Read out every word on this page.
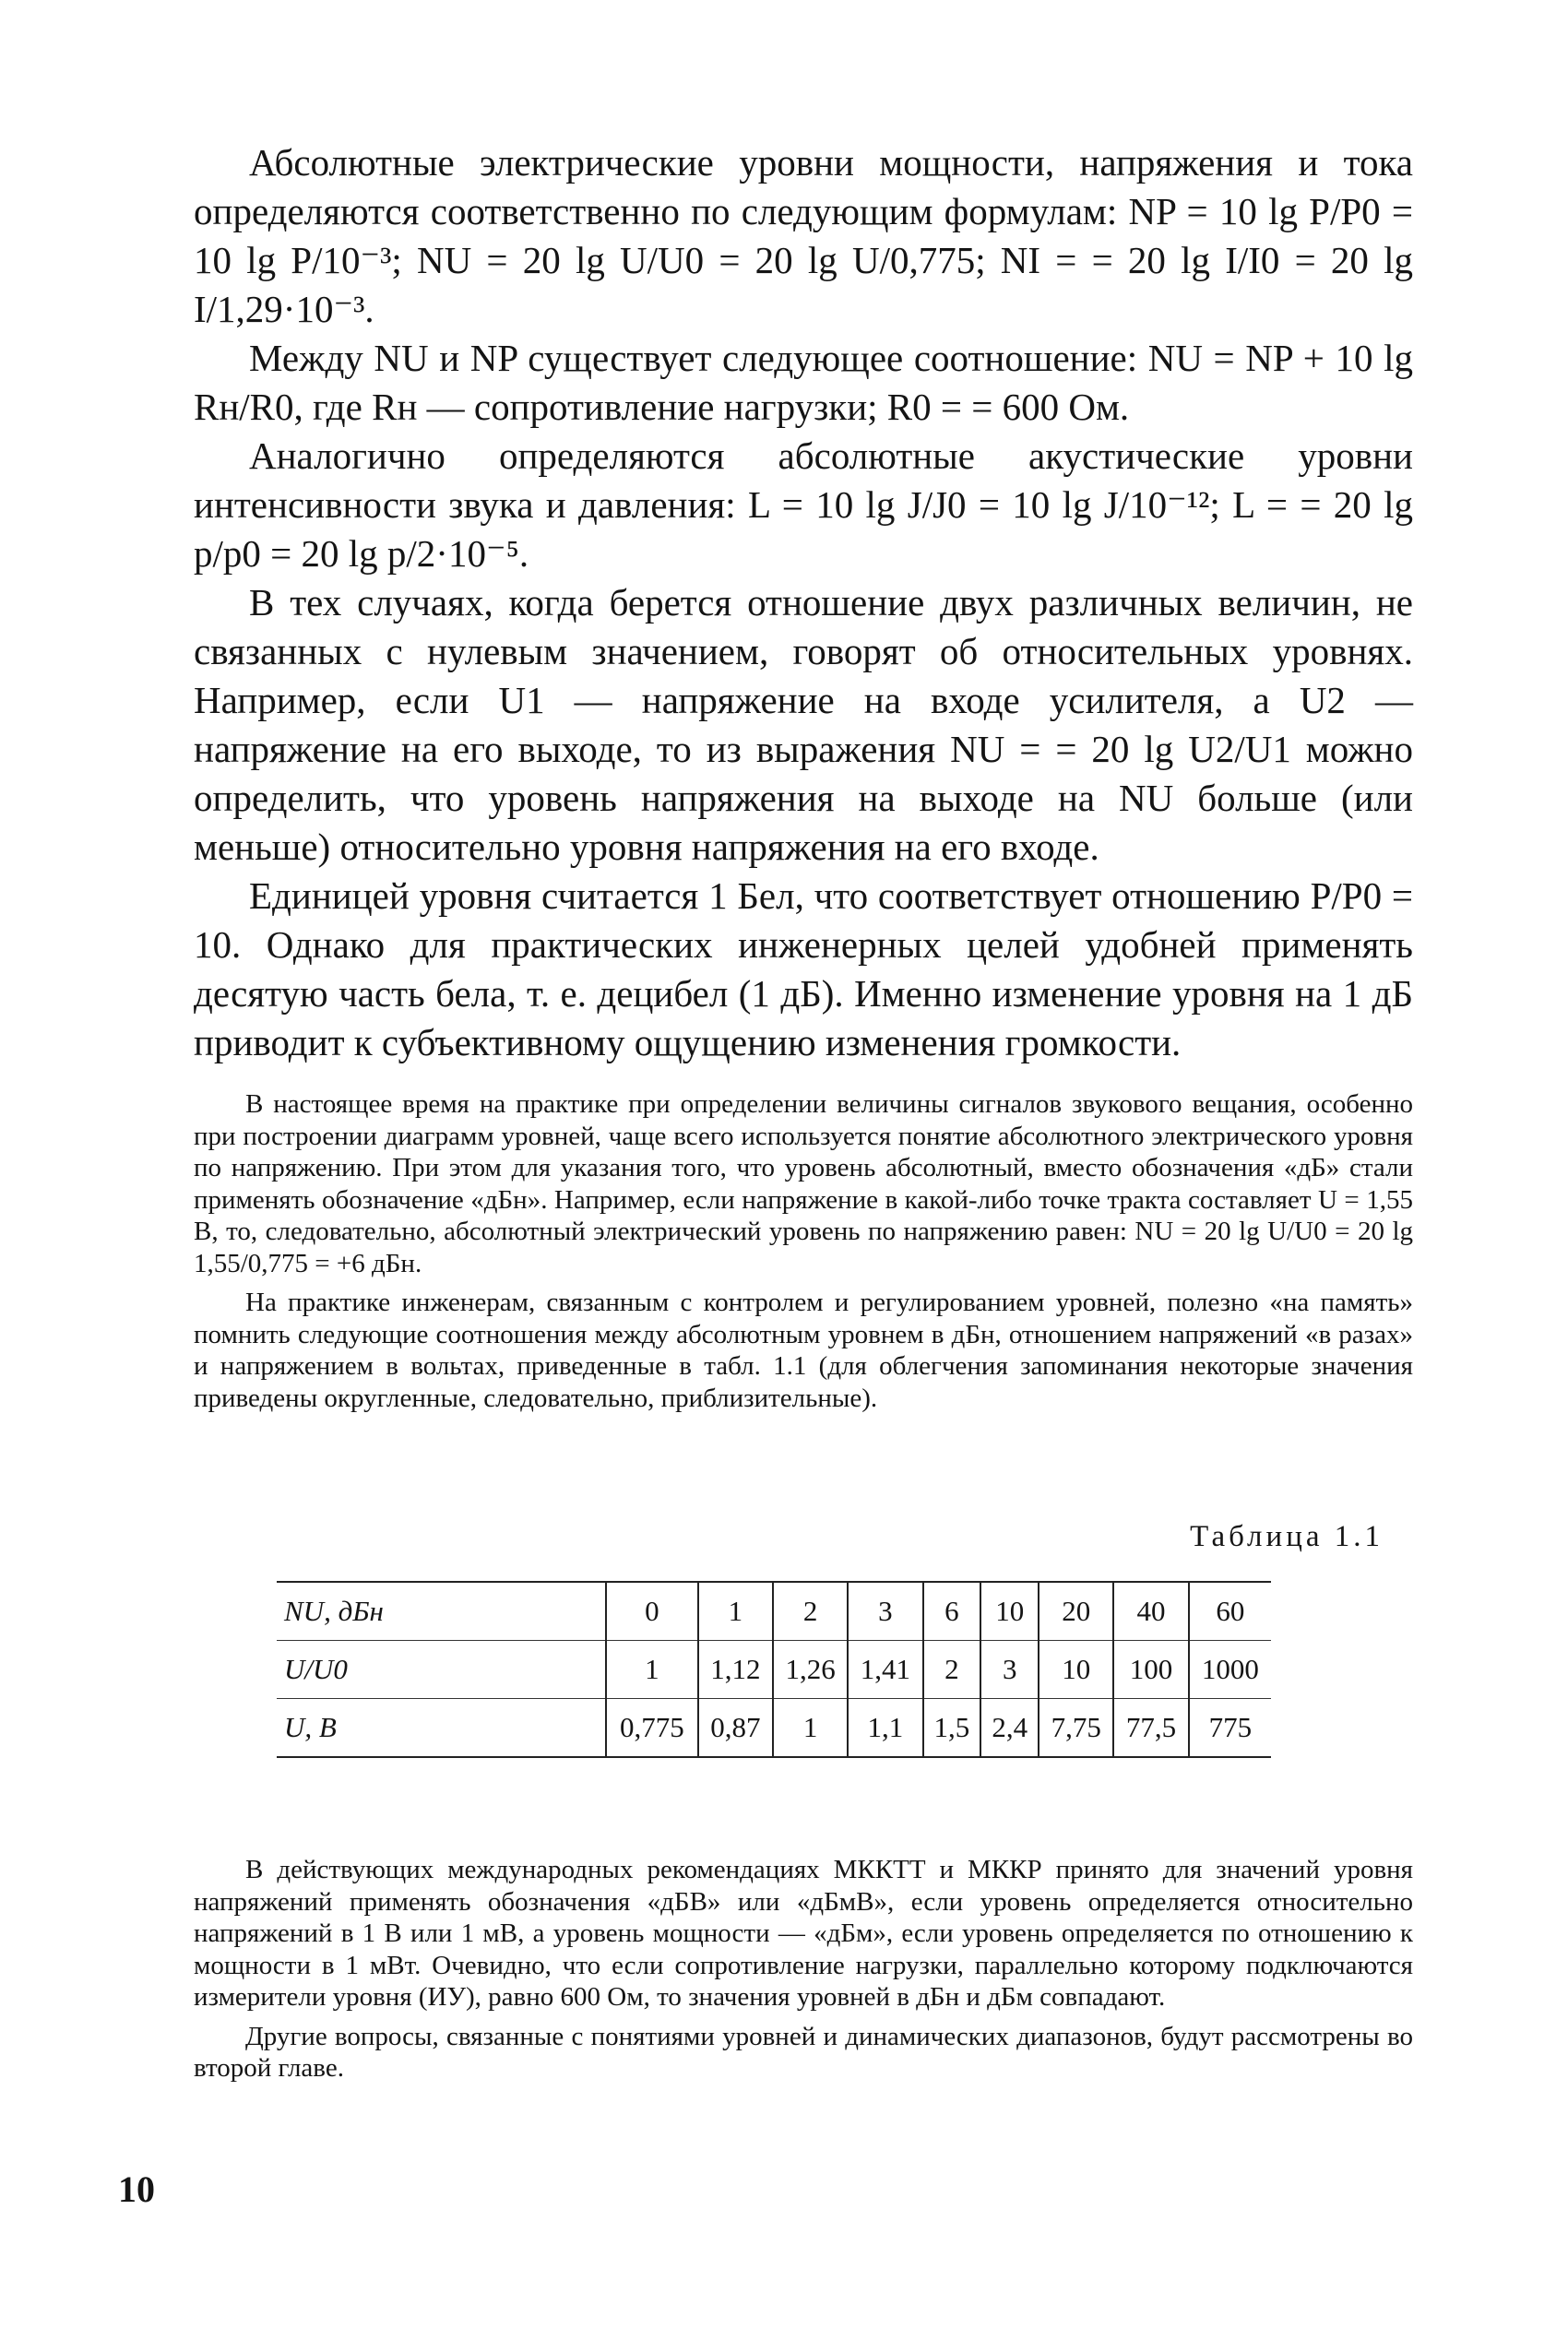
Абсолютные электрические уровни мощности, напряжения и тока определяются соответственно по следующим формулам: NP = 10 lg P/P0 = 10 lg P/10⁻³; NU = 20 lg U/U0 = 20 lg U/0,775; NI = = 20 lg I/I0 = 20 lg I/1,29·10⁻³.

Между NU и NP существует следующее соотношение: NU = NP + 10 lg Rн/R0, где Rн — сопротивление нагрузки; R0 = = 600 Ом.

Аналогично определяются абсолютные акустические уровни интенсивности звука и давления: L = 10 lg J/J0 = 10 lg J/10⁻¹²; L = = 20 lg p/p0 = 20 lg p/2·10⁻⁵.

В тех случаях, когда берется отношение двух различных величин, не связанных с нулевым значением, говорят об относительных уровнях. Например, если U1 — напряжение на входе усилителя, а U2 — напряжение на его выходе, то из выражения NU = = 20 lg U2/U1 можно определить, что уровень напряжения на выходе на NU больше (или меньше) относительно уровня напряжения на его входе.

Единицей уровня считается 1 Бел, что соответствует отношению P/P0 = 10. Однако для практических инженерных целей удобней применять десятую часть бела, т. е. децибел (1 дБ). Именно изменение уровня на 1 дБ приводит к субъективному ощущению изменения громкости.

В настоящее время на практике при определении величины сигналов звукового вещания, особенно при построении диаграмм уровней, чаще всего используется понятие абсолютного электрического уровня по напряжению. При этом для указания того, что уровень абсолютный, вместо обозначения «дБ» стали применять обозначение «дБн». Например, если напряжение в какой-либо точке тракта составляет U = 1,55 В, то, следовательно, абсолютный электрический уровень по напряжению равен: NU = 20 lg U/U0 = 20 lg 1,55/0,775 = +6 дБн.

На практике инженерам, связанным с контролем и регулированием уровней, полезно «на память» помнить следующие соотношения между абсолютным уровнем в дБн, отношением напряжений «в разах» и напряжением в вольтах, приведенные в табл. 1.1 (для облегчения запоминания некоторые значения приведены округленные, следовательно, приблизительные).

Таблица 1.1
NU, дБн		0	1	2	3	6	10	20	40	60
U/U0		1	1,12	1,26	1,41	2	3	10	100	1000
U, В		0,775	0,87	1	1,1	1,5	2,4	7,75	77,5	775

В действующих международных рекомендациях МККТТ и МККР принято для значений уровня напряжений применять обозначения «дБВ» или «дБмВ», если уровень определяется относительно напряжений в 1 В или 1 мВ, а уровень мощности — «дБм», если уровень определяется по отношению к мощности в 1 мВт. Очевидно, что если сопротивление нагрузки, параллельно которому подключаются измерители уровня (ИУ), равно 600 Ом, то значения уровней в дБн и дБм совпадают.

Другие вопросы, связанные с понятиями уровней и динамических диапазонов, будут рассмотрены во второй главе.

10
